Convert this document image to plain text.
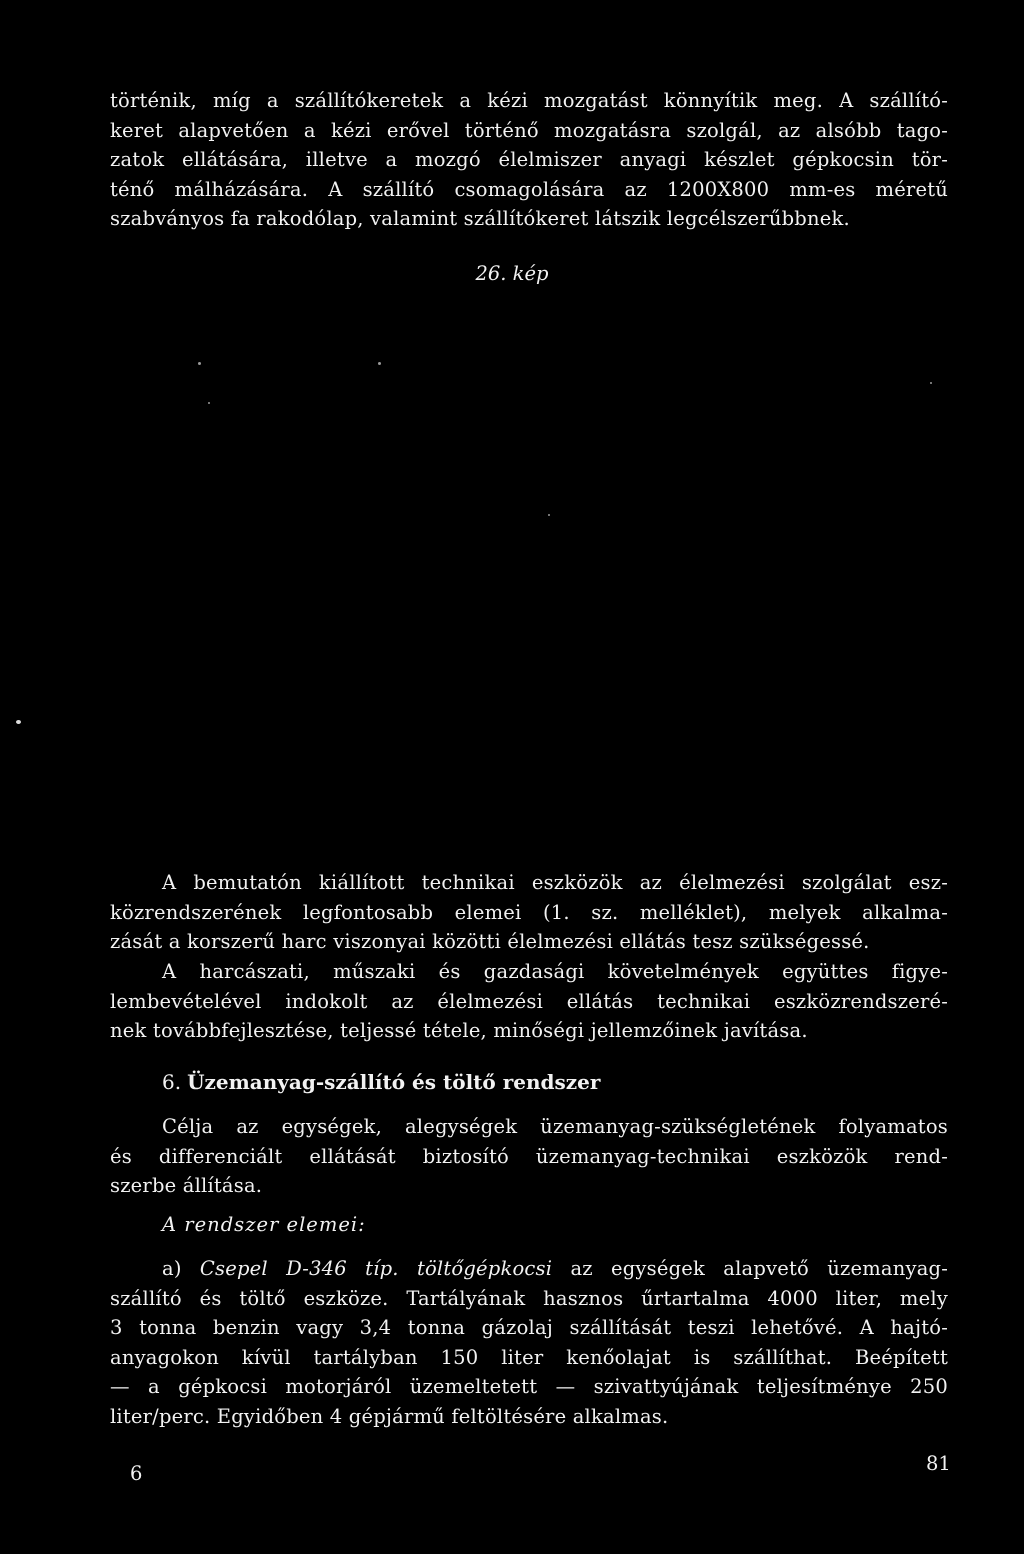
történik, míg a szállítókeretek a kézi mozgatást könnyítik meg. A szállító-
keret alapvetően a kézi erővel történő mozgatásra szolgál, az alsóbb tago-
zatok ellátására, illetve a mozgó élelmiszer anyagi készlet gépkocsin tör-
ténő málházására. A szállító csomagolására az 1200X800 mm-es méretű
szabványos fa rakodólap, valamint szállítókeret látszik legcélszerűbbnek.
26. kép
A bemutatón kiállított technikai eszközök az élelmezési szolgálat esz-
közrendszerének legfontosabb elemei (1. sz. melléklet), melyek alkalma-
zását a korszerű harc viszonyai közötti élelmezési ellátás tesz szükségessé.
A harcászati, műszaki és gazdasági követelmények együttes figye-
lembevételével indokolt az élelmezési ellátás technikai eszközrendszeré-
nek továbbfejlesztése, teljessé tétele, minőségi jellemzőinek javítása.
6. Üzemanyag-szállító és töltő rendszer
Célja az egységek, alegységek üzemanyag-szükségletének folyamatos
és differenciált ellátását biztosító üzemanyag-technikai eszközök rend-
szerbe állítása.
A rendszer elemei:
a) Csepel D-346 típ. töltőgépkocsi az egységek alapvető üzemanyag-
szállító és töltő eszköze. Tartályának hasznos űrtartalma 4000 liter, mely
3 tonna benzin vagy 3,4 tonna gázolaj szállítását teszi lehetővé. A hajtó-
anyagokon kívül tartályban 150 liter kenőolajat is szállíthat. Beépített
— a gépkocsi motorjáról üzemeltetett — szivattyújának teljesítménye 250
liter/perc. Egyidőben 4 gépjármű feltöltésére alkalmas.
6	81
